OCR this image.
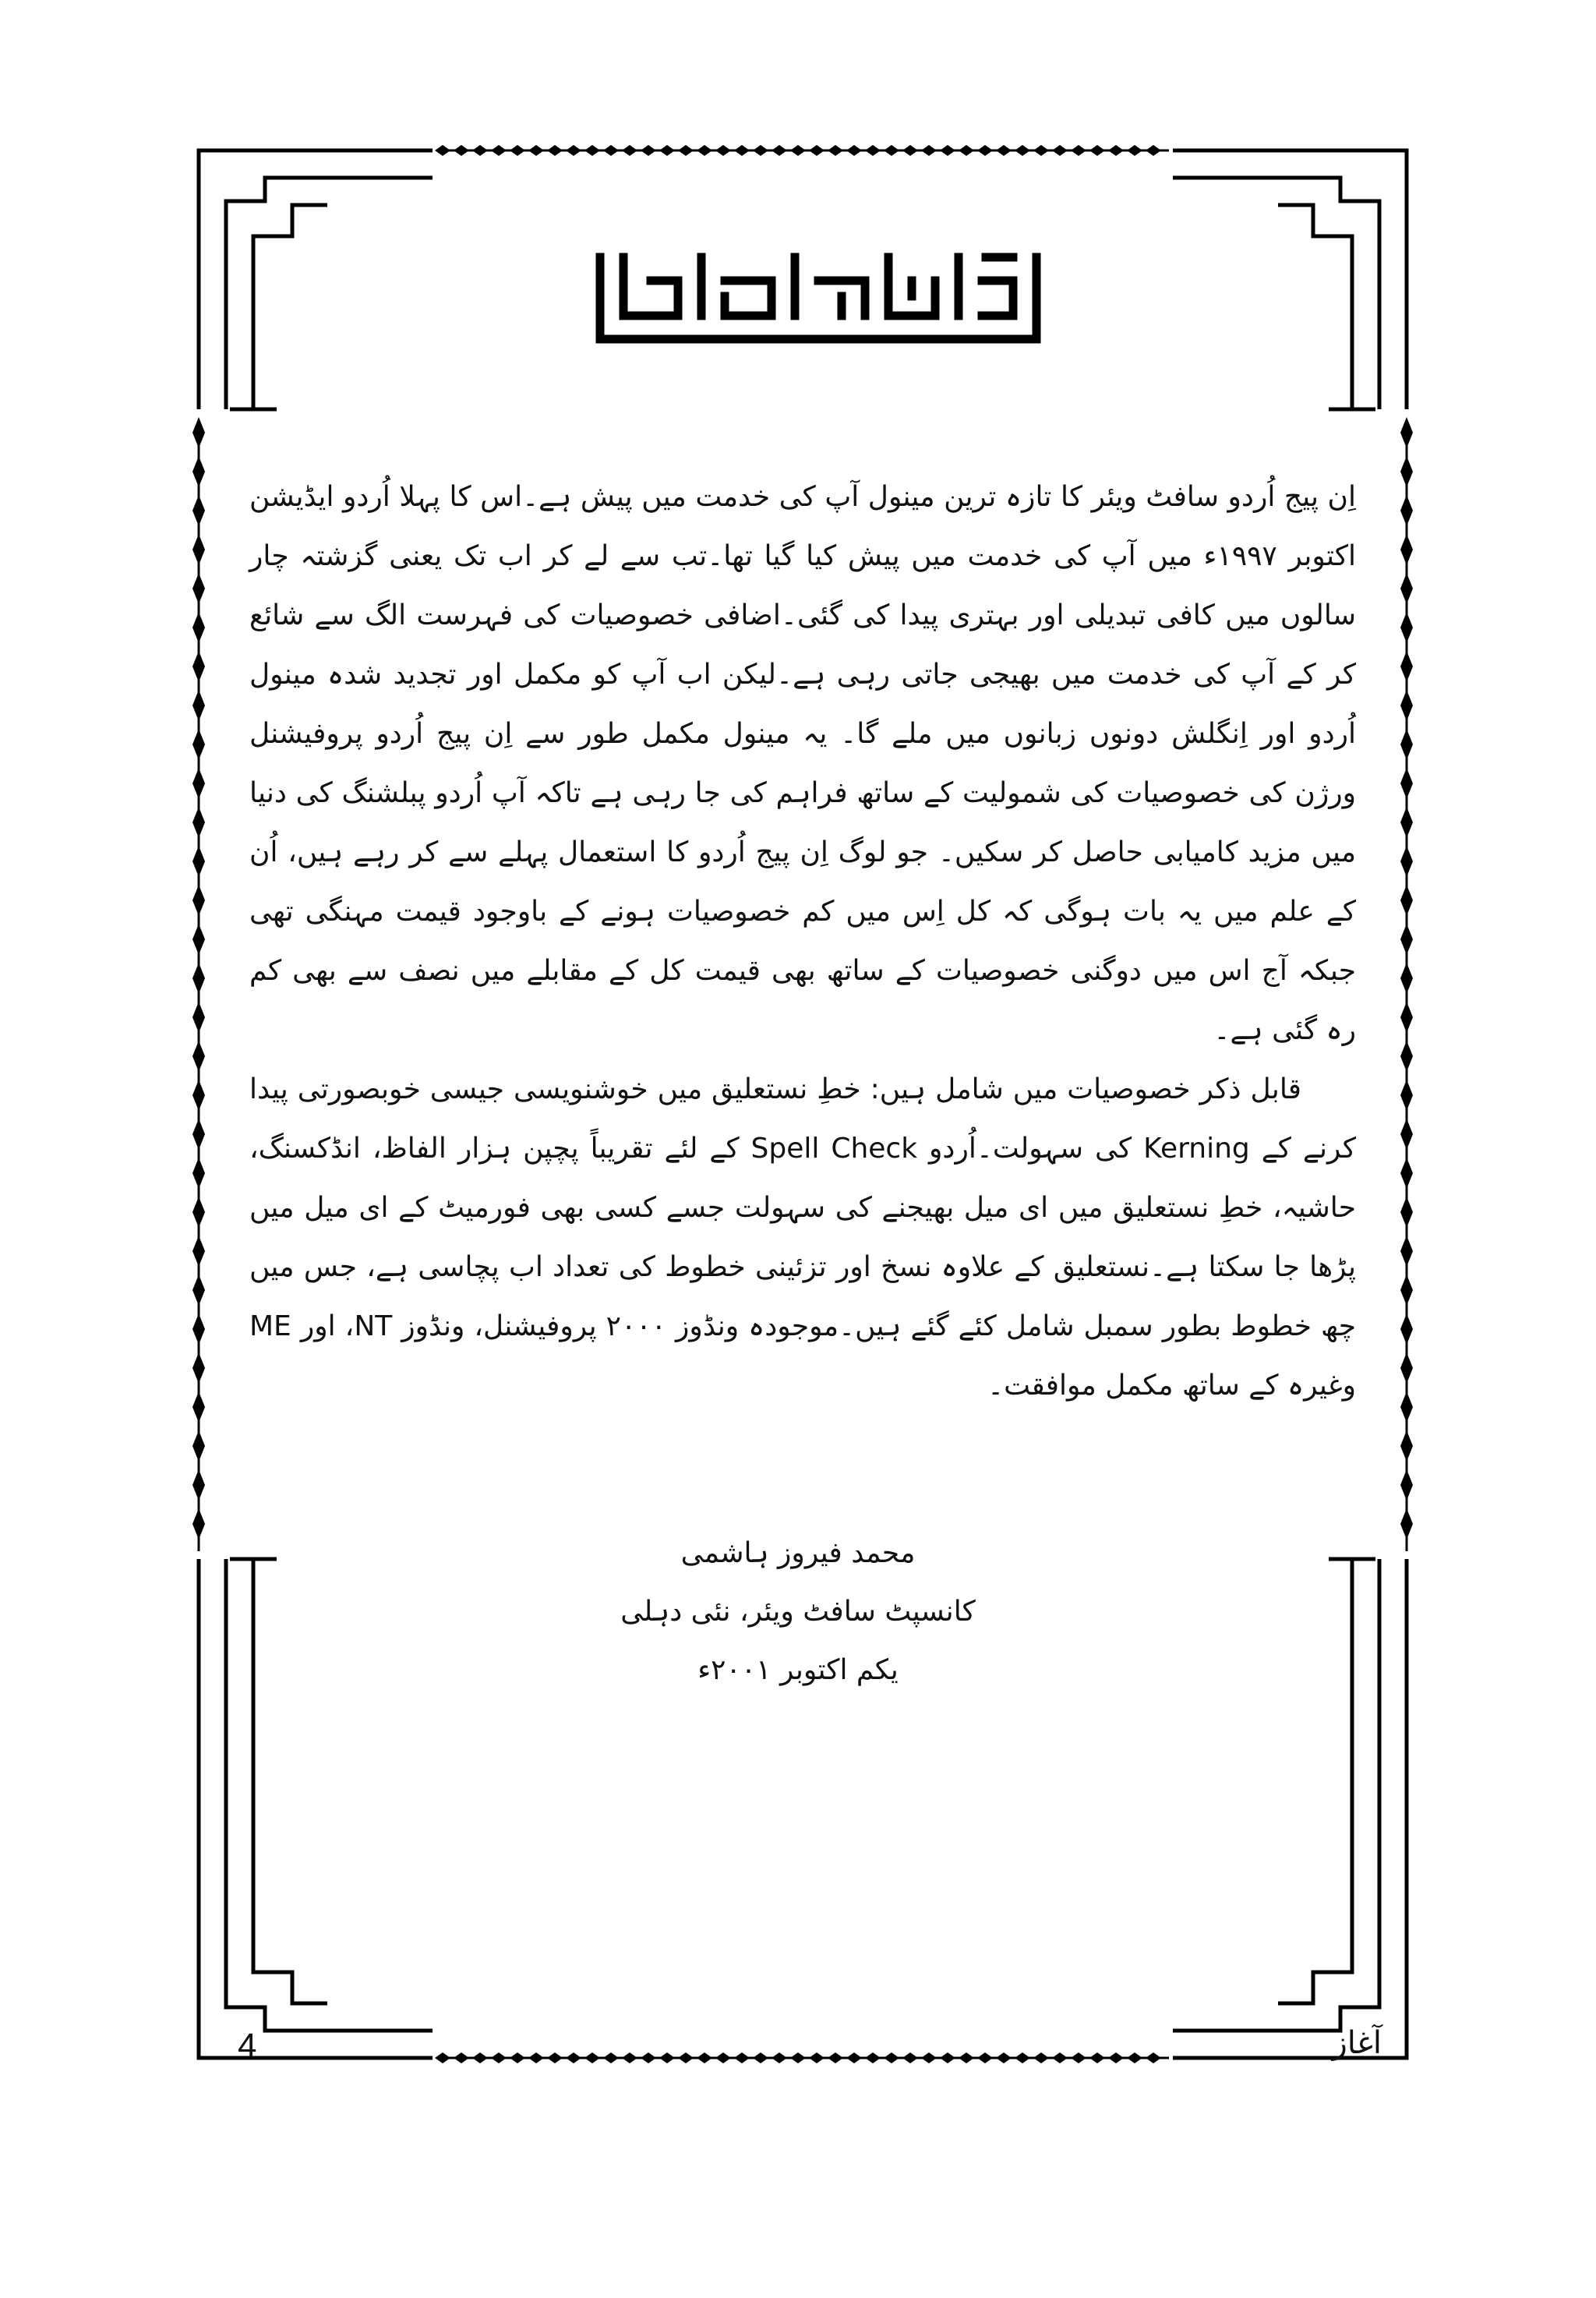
اِن پیج اُردو سافٹ ویئر کا تازہ ترین مینول آپ کی خدمت میں پیش ہے۔اس کا پہلا اُردو ایڈیشن اکتوبر ۱۹۹۷ء میں آپ کی خدمت میں پیش کیا گیا تھا۔تب سے لے کر اب تک یعنی گزشتہ چار سالوں میں کافی تبدیلی اور بہتری پیدا کی گئی۔اضافی خصوصیات کی فہرست الگ سے شائع کر کے آپ کی خدمت میں بھیجی جاتی رہی ہے۔لیکن اب آپ کو مکمل اور تجدید شدہ مینول اُردو اور اِنگلش دونوں زبانوں میں ملے گا۔ یہ مینول مکمل طور سے اِن پیج اُردو پروفیشنل ورژن کی خصوصیات کی شمولیت کے ساتھ فراہم کی جا رہی ہے تاکہ آپ اُردو پبلشنگ کی دنیا میں مزید کامیابی حاصل کر سکیں۔ جو لوگ اِن پیج اُردو کا استعمال پہلے سے کر رہے ہیں، اُن کے علم میں یہ بات ہوگی کہ کل اِس میں کم خصوصیات ہونے کے باوجود قیمت مہنگی تھی جبکہ آج اس میں دوگنی خصوصیات کے ساتھ بھی قیمت کل کے مقابلے میں نصف سے بھی کم رہ گئی ہے۔

قابل ذکر خصوصیات میں شامل ہیں: خطِ نستعلیق میں خوشنویسی جیسی خوبصورتی پیدا کرنے کے Kerning کی سہولت۔اُردو Spell Check کے لئے تقریباً پچپن ہزار الفاظ، انڈکسنگ، حاشیہ، خطِ نستعلیق میں ای میل بھیجنے کی سہولت جسے کسی بھی فورمیٹ کے ای میل میں پڑھا جا سکتا ہے۔نستعلیق کے علاوہ نسخ اور تزئینی خطوط کی تعداد اب پچاسی ہے، جس میں چھ خطوط بطور سمبل شامل کئے گئے ہیں۔موجودہ ونڈوز ۲۰۰۰ پروفیشنل، ونڈوز NT، اور ME وغیرہ کے ساتھ مکمل موافقت۔

محمد فیروز ہاشمی
کانسپٹ سافٹ ویئر، نئی دہلی
یکم اکتوبر ۲۰۰۱ء
4	آغاز
